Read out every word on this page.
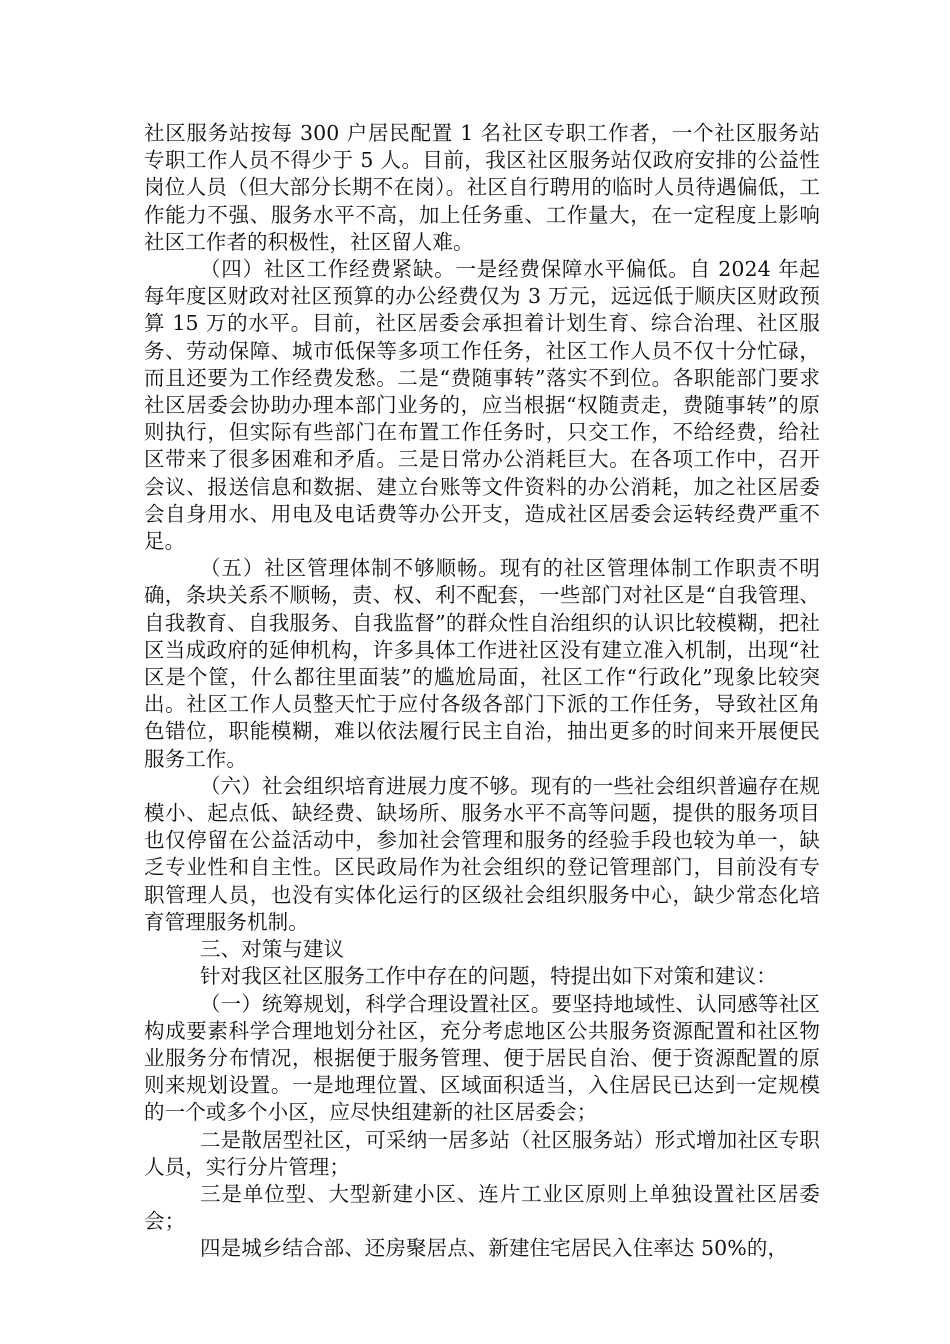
社区服务站按每 300 户居民配置 1 名社区专职工作者，一个社区服务站专职工作人员不得少于 5 人。目前，我区社区服务站仅政府安排的公益性岗位人员（但大部分长期不在岗）。社区自行聘用的临时人员待遇偏低，工作能力不强、服务水平不高，加上任务重、工作量大，在一定程度上影响社区工作者的积极性，社区留人难。

（四）社区工作经费紧缺。一是经费保障水平偏低。自 2024 年起每年度区财政对社区预算的办公经费仅为 3 万元，远远低于顺庆区财政预算 15 万的水平。目前，社区居委会承担着计划生育、综合治理、社区服务、劳动保障、城市低保等多项工作任务，社区工作人员不仅十分忙碌，而且还要为工作经费发愁。二是“费随事转”落实不到位。各职能部门要求社区居委会协助办理本部门业务的，应当根据“权随责走，费随事转”的原则执行，但实际有些部门在布置工作任务时，只交工作，不给经费，给社区带来了很多困难和矛盾。三是日常办公消耗巨大。在各项工作中，召开会议、报送信息和数据、建立台账等文件资料的办公消耗，加之社区居委会自身用水、用电及电话费等办公开支，造成社区居委会运转经费严重不足。

（五）社区管理体制不够顺畅。现有的社区管理体制工作职责不明确，条块关系不顺畅，责、权、利不配套，一些部门对社区是“自我管理、自我教育、自我服务、自我监督”的群众性自治组织的认识比较模糊，把社区当成政府的延伸机构，许多具体工作进社区没有建立准入机制，出现“社区是个筐，什么都往里面装”的尴尬局面，社区工作“行政化”现象比较突出。社区工作人员整天忙于应付各级各部门下派的工作任务，导致社区角色错位，职能模糊，难以依法履行民主自治，抽出更多的时间来开展便民服务工作。

（六）社会组织培育进展力度不够。现有的一些社会组织普遍存在规模小、起点低、缺经费、缺场所、服务水平不高等问题，提供的服务项目也仅停留在公益活动中，参加社会管理和服务的经验手段也较为单一，缺乏专业性和自主性。区民政局作为社会组织的登记管理部门，目前没有专职管理人员，也没有实体化运行的区级社会组织服务中心，缺少常态化培育管理服务机制。

三、对策与建议

针对我区社区服务工作中存在的问题，特提出如下对策和建议：

（一）统筹规划，科学合理设置社区。要坚持地域性、认同感等社区构成要素科学合理地划分社区，充分考虑地区公共服务资源配置和社区物业服务分布情况，根据便于服务管理、便于居民自治、便于资源配置的原则来规划设置。一是地理位置、区域面积适当，入住居民已达到一定规模的一个或多个小区，应尽快组建新的社区居委会；

二是散居型社区，可采纳一居多站（社区服务站）形式增加社区专职人员，实行分片管理；

三是单位型、大型新建小区、连片工业区原则上单独设置社区居委会；

四是城乡结合部、还房聚居点、新建住宅居民入住率达 50%的，
